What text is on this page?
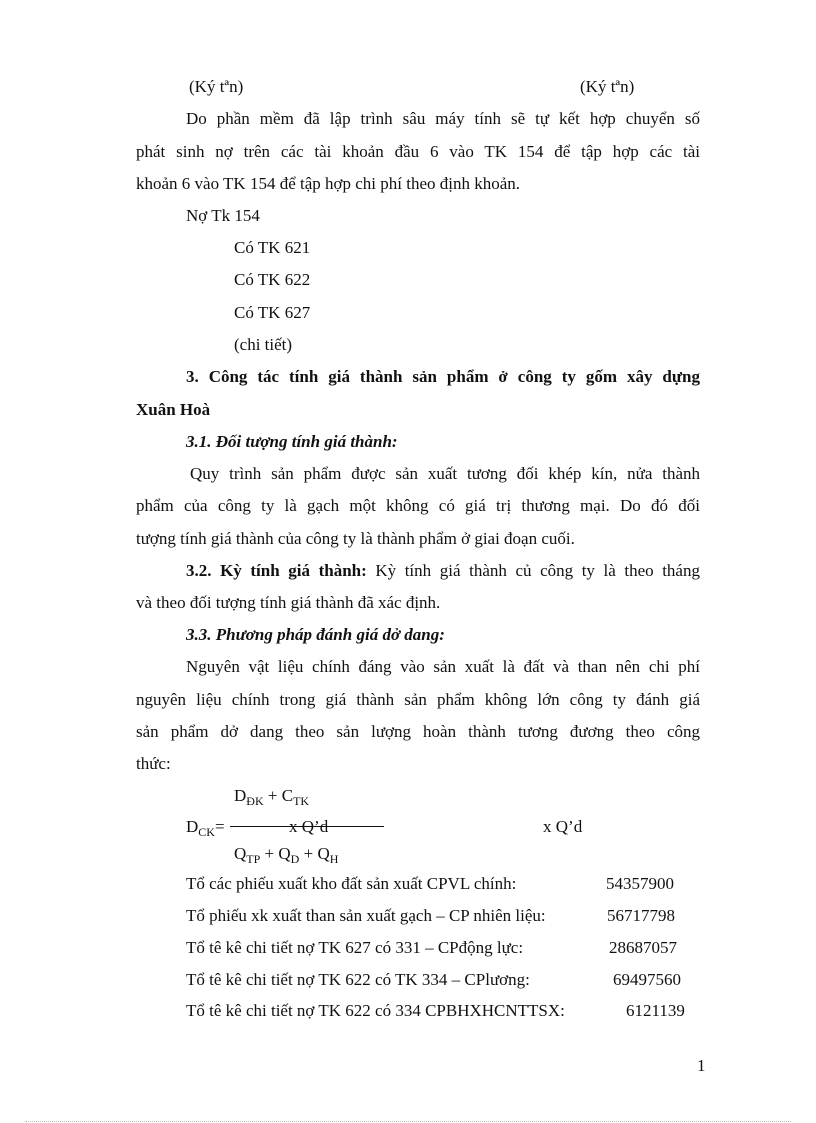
(Ký tªn)	(Ký tªn)
Do phần mềm đã lập trình sâu máy tính sẽ tự kết hợp chuyển số
phát sinh nợ trên các tài khoản đầu 6 vào TK 154 để tập hợp các tài
khoản 6 vào TK 154 để tập hợp chi phí theo định khoản.
Nợ Tk 154
Có TK 621
Có TK 622
Có TK 627
(chi tiết)
3. Công tác tính giá thành sản phẩm ở công ty gốm xây dựng
Xuân Hoà
3.1. Đối tượng tính giá thành:
Quy trình sản phẩm được sản xuất tương đối khép kín, nửa thành
phẩm của công ty là gạch một không có giá trị thương mại. Do đó đối
tượng tính giá thành của công ty là thành phẩm ở giai đoạn cuối.
3.2. Kỳ tính giá thành: Kỳ tính giá thành củ công ty là theo tháng
và theo đối tượng tính giá thành đã xác định.
3.3. Phương pháp đánh giá dở dang:
Nguyên vật liệu chính đáng vào sản xuất là đất và than nên chi phí
nguyên liệu chính trong giá thành sản phẩm không lớn công ty đánh giá
sản phẩm dở dang theo sản lượng hoàn thành tương đương theo công
thức:
$D_{ĐK} + C_{TK}$
$D_{CK}=$	x Q’d	x Q’d
$Q_{TP} + Q_D + Q_H$
Tổ các phiếu xuất kho đất sản xuất CPVL chính:	54357900
Tổ phiếu xk xuất than sản xuất gạch – CP nhiên liệu:	56717798
Tổ tê kê chi tiết nợ TK 627 có 331 – CPđộng lực:	28687057
Tổ tê kê chi tiết nợ TK 622 có TK 334 – CPlương:	69497560
Tổ tê kê chi tiết nợ TK 622 có 334 CPBHXHCNTTSX:	6121139
1
